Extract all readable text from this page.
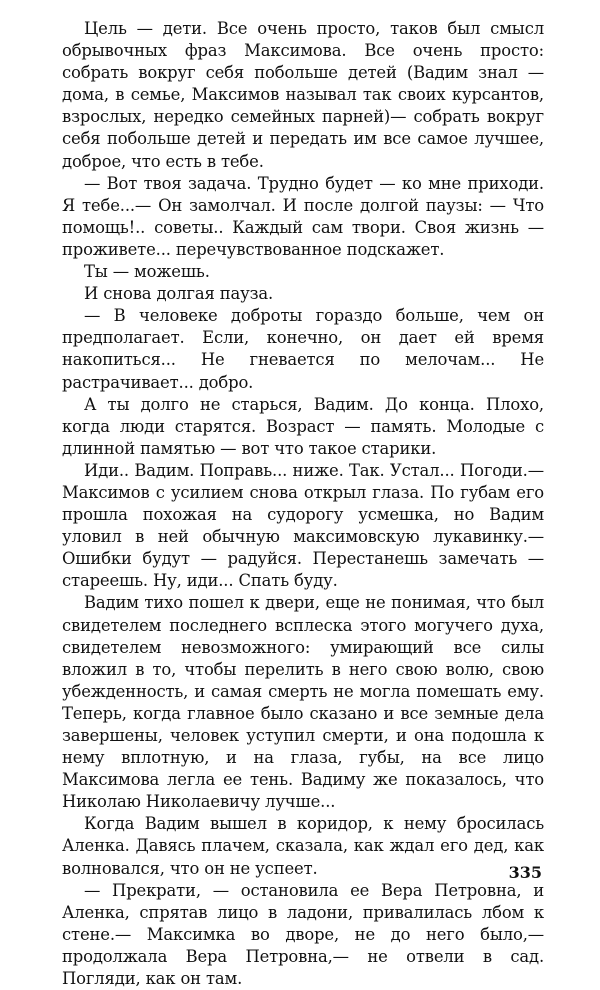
Цель — дети. Все очень просто, таков был смысл обрывочных фраз Максимова. Все очень просто: собрать вокруг себя побольше детей (Вадим знал — дома, в семье, Максимов называл так своих курсантов, взрослых, нередко семейных парней)— собрать вокруг себя побольше детей и передать им все самое лучшее, доброе, что есть в тебе.

— Вот твоя задача. Трудно будет — ко мне приходи. Я тебе...— Он замолчал. И после долгой паузы: — Что помощь!.. советы.. Каждый сам твори. Своя жизнь — проживете... перечувствованное подскажет.

Ты — можешь.

И снова долгая пауза.

— В человеке доброты гораздо больше, чем он предполагает. Если, конечно, он дает ей время накопиться... Не гневается по мелочам... Не растрачивает... добро.

А ты долго не старься, Вадим. До конца. Плохо, когда люди старятся. Возраст — память. Молодые с длинной памятью — вот что такое старики.

Иди.. Вадим. Поправь... ниже. Так. Устал... Погоди.— Максимов с усилием снова открыл глаза. По губам его прошла похожая на судорогу усмешка, но Вадим уловил в ней обычную максимовскую лукавинку.— Ошибки будут — радуйся. Перестанешь замечать — стареешь. Ну, иди... Спать буду.

Вадим тихо пошел к двери, еще не понимая, что был свидетелем последнего всплеска этого могучего духа, свидетелем невозможного: умирающий все силы вложил в то, чтобы перелить в него свою волю, свою убежденность, и самая смерть не могла помешать ему. Теперь, когда главное было сказано и все земные дела завершены, человек уступил смерти, и она подошла к нему вплотную, и на глаза, губы, на все лицо Максимова легла ее тень. Вадиму же показалось, что Николаю Николаевичу лучше...

Когда Вадим вышел в коридор, к нему бросилась Аленка. Давясь плачем, сказала, как ждал его дед, как волновался, что он не успеет.

— Прекрати, — остановила ее Вера Петровна, и Аленка, спрятав лицо в ладони, привалилась лбом к стене.— Максимка во дворе, не до него было,— продолжала Вера Петровна,— не отвели в сад. Погляди, как он там.

335
